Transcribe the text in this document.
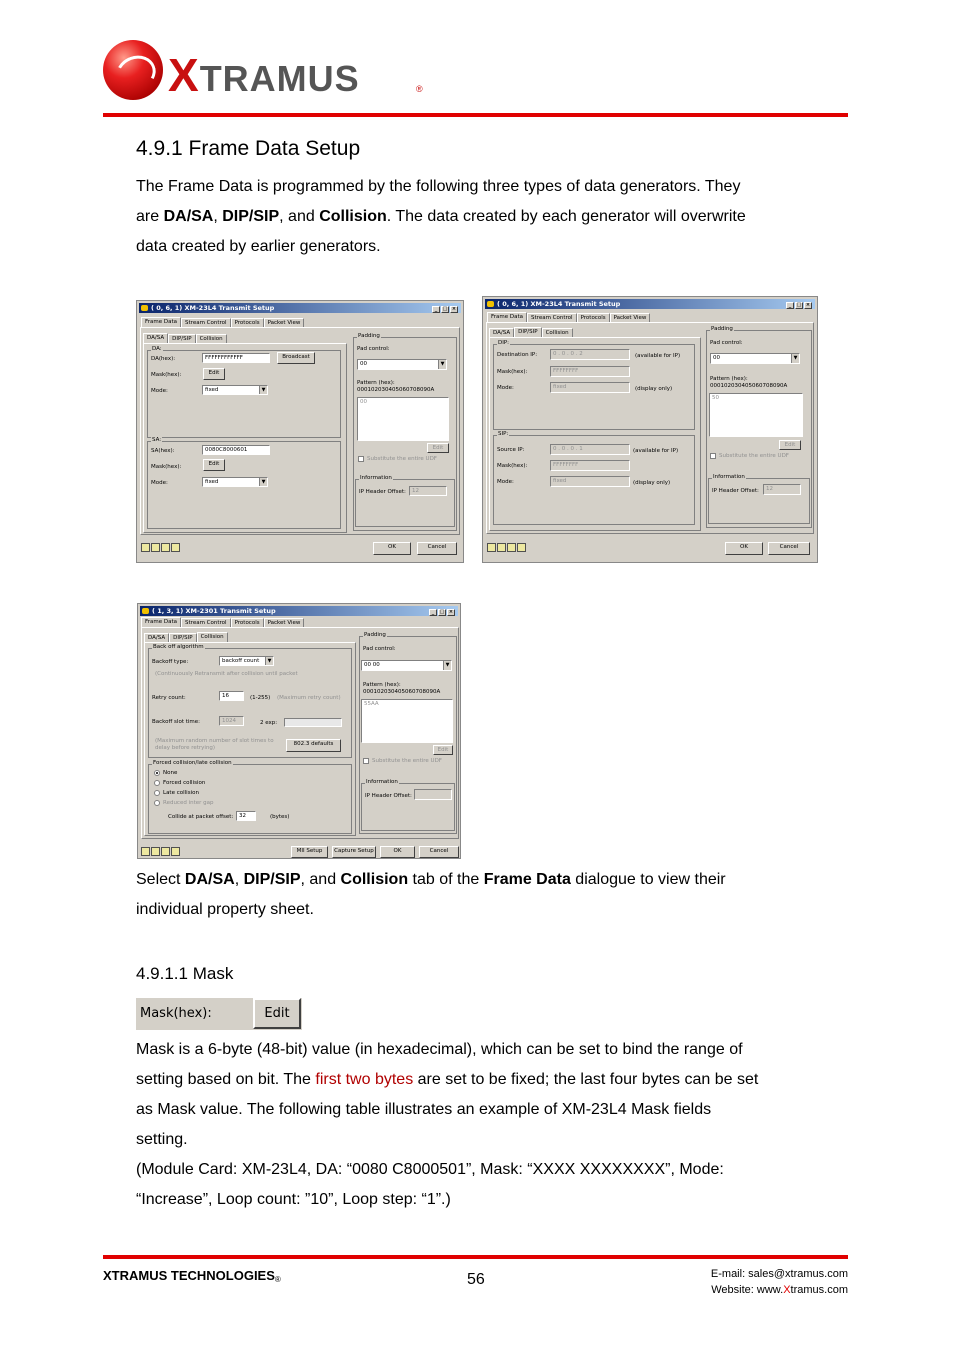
XTRAMUS	®
4.9.1 Frame Data Setup

The Frame Data is programmed by the following three types of data generators. They
are DA/SA, DIP/SIP, and Collision. The data created by each generator will overwrite
data created by earlier generators.

( 0, 6, 1) XM-23L4 Transmit Setup	_	□ ×
Frame Data	Stream Control	Protocols	Packet View
DA/SA	DIP/SIP	Collision
DA:
DA(hex):	FFFFFFFFFFFF	Broadcast
Mask(hex):	Edit
Mode:	fixed	▼
SA:
SA(hex):	0080C8000601
Mask(hex):	Edit
Mode:	fixed	▼
Padding
Pad control:
00	▼
Pattern (hex):
000102030405060708090A
00
Edit
Substitute the entire UDF
Information
IP Header Offset:	12
OK	Cancel
( 0, 6, 1) XM-23L4 Transmit Setup	_	□ ×
Frame Data	Stream Control	Protocols	Packet View
DA/SA	DIP/SIP	Collision
DIP:
Destination IP:	0 . 0 . 0 . 2	(available for IP)
Mask(hex):	FFFFFFFF
Mode:	fixed	(display only)
SIP:
Source IP:	0 . 0 . 0 . 1	(available for IP)
Mask(hex):	FFFFFFFF
Mode:	fixed	(display only)
Padding
Pad control:
00	▼
Pattern (hex):
000102030405060708090A
50
Edit
Substitute the entire UDF
Information
IP Header Offset:	12
OK	Cancel
( 1, 3, 1) XM-2301 Transmit Setup	_	□ ×
Frame Data	Stream Control	Protocols	Packet View
DA/SA	DIP/SIP	Collision
Back off algorithm
Backoff type:	backoff count	▼
(Continuously Retransmit after collision until packet
Retry count:	16	(1-255) (Maximum retry count)
Backoff slot time:	1024	2 exp:
(Maximum random number of slot times to
delay before retrying)
802.3 defaults
Forced collision/late collision
None
Forced collision
Late collision
Reduced inter gap
Collide at packet offset:	32	(bytes)
Padding
Pad control:
00 00	▼
Pattern (hex):
000102030405060708090A
55AA
Edit
Substitute the entire UDF
Information
IP Header Offset:
MII Setup	Capture Setup	OK	Cancel

Select DA/SA, DIP/SIP, and Collision tab of the Frame Data dialogue to view their
individual property sheet.

4.9.1.1 Mask
Mask(hex):	Edit

Mask is a 6-byte (48-bit) value (in hexadecimal), which can be set to bind the range of
setting based on bit. The first two bytes are set to be fixed; the last four bytes can be set
as Mask value. The following table illustrates an example of XM-23L4 Mask fields
setting.
(Module Card: XM-23L4, DA: “0080 C8000501”, Mask: “XXXX XXXXXXXX”, Mode:
“Increase”, Loop count: ”10”, Loop step: “1”.)

XTRAMUS TECHNOLOGIES®	56	E-mail: sales@xtramus.com
Website: www.Xtramus.com
